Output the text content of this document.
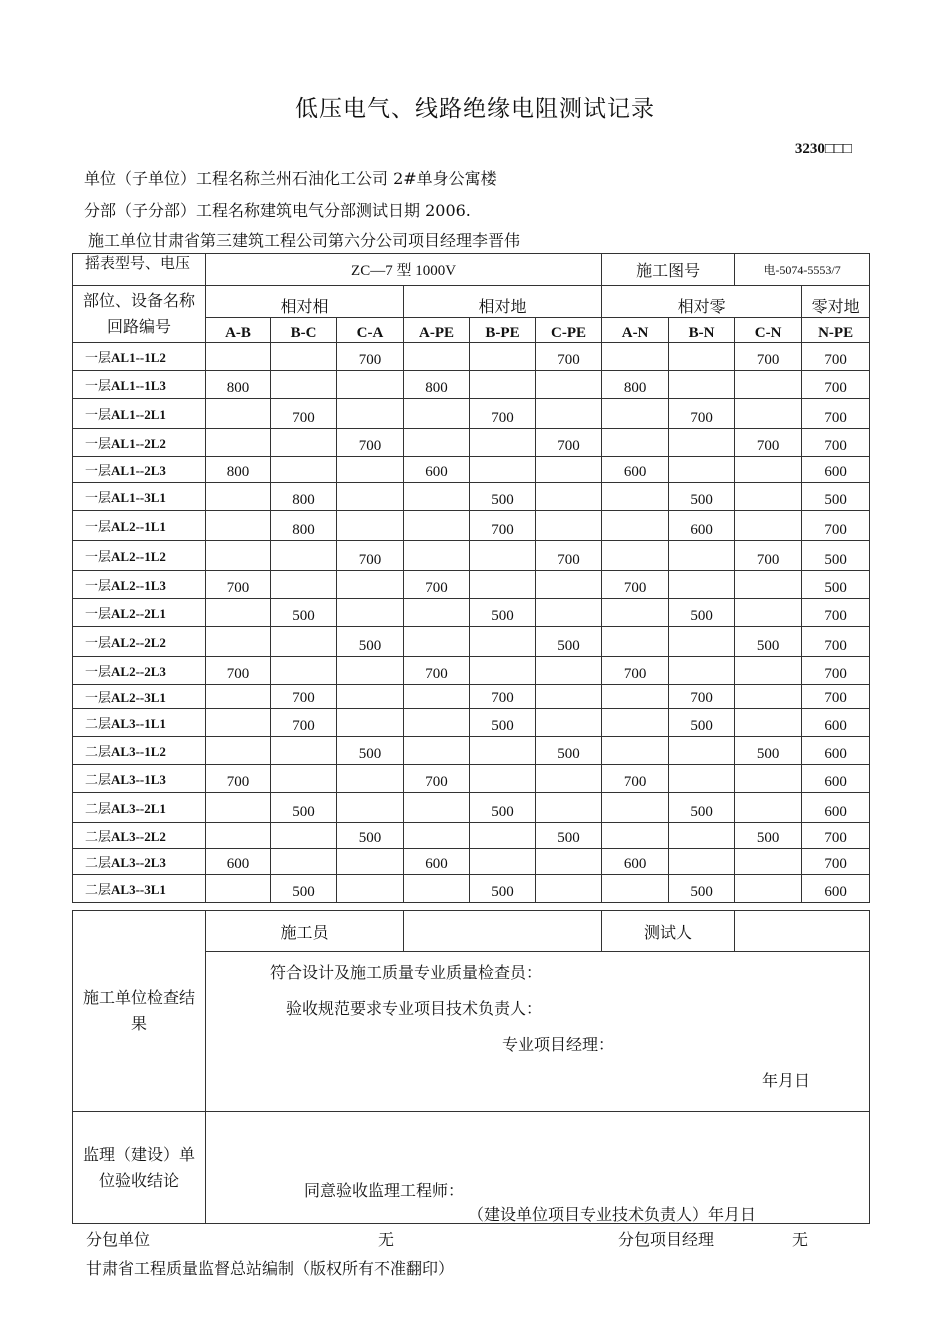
低压电气、线路绝缘电阻测试记录
3230□□□
单位（子单位）工程名称兰州石油化工公司 2#单身公寓楼
分部（子分部）工程名称建筑电气分部测试日期 2006.
施工单位甘肃省第三建筑工程公司第六分公司项目经理李晋伟
摇表型号、电压	ZC—7 型 1000V						施工图号		电-5074-5553/7	

部位、设备名称
回路编号	相对相			相对地			相对零			零对地
	A-B	B-C	C-A	A-PE	B-PE	C-PE	A-N	B-N	C-N	N-PE
一层AL1--1L2			700			700			700	700
一层AL1--1L3	800			800			800			700
一层AL1--2L1		700			700			700		700
一层AL1--2L2			700			700			700	700
一层AL1--2L3	800			600			600			600
一层AL1--3L1		800			500			500		500
一层AL2--1L1		800			700			600		700
一层AL2--1L2			700			700			700	500
一层AL2--1L3	700			700			700			500
一层AL2--2L1		500			500			500		700
一层AL2--2L2			500			500			500	700
一层AL2--2L3	700			700			700			700
一层AL2--3L1		700			700			700		700
二层AL3--1L1		700			500			500		600
二层AL3--1L2			500			500			500	600
二层AL3--1L3	700			700			700			600
二层AL3--2L1		500			500			500		600
二层AL3--2L2			500			500			500	700
二层AL3--2L3	600			600			600			700
二层AL3--3L1		500			500			500		600
施工单位检查结果	施工员		测试人	

	符合设计及施工质量专业质量检查员：
验收规范要求专业项目技术负责人：
专业项目经理：
年月日			

监理（建设）单位验收结论	同意验收监理工程师：
（建设单位项目专业技术负责人）年月日			
分包单位	无	分包项目经理	无
甘肃省工程质量监督总站编制（版权所有不准翻印）
